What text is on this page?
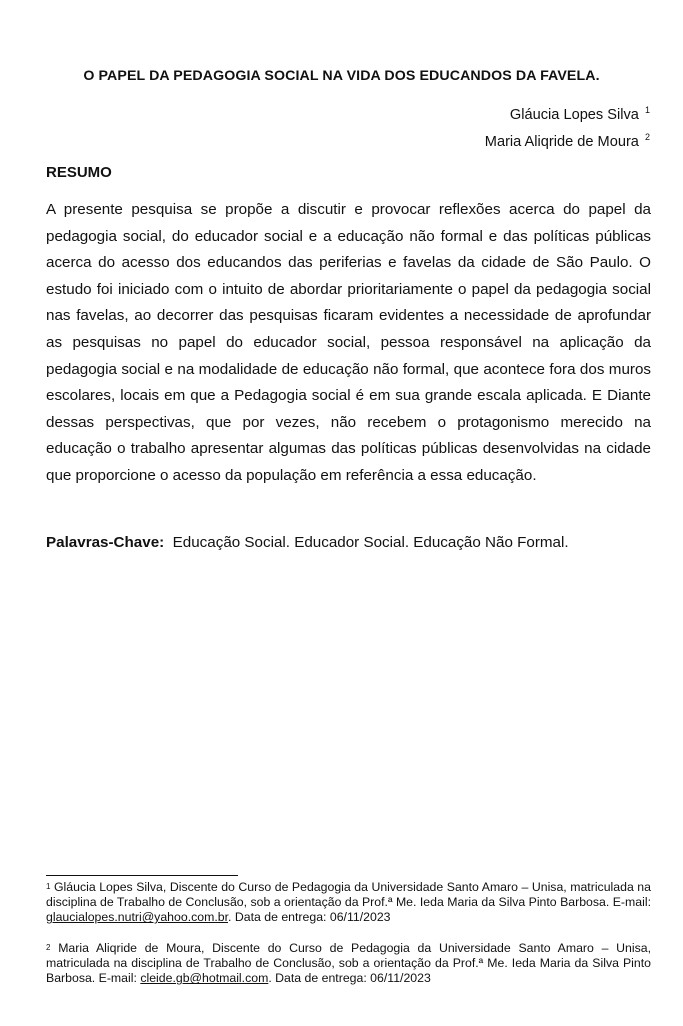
O PAPEL DA PEDAGOGIA SOCIAL NA VIDA DOS EDUCANDOS DA FAVELA.
Gláucia Lopes Silva $^1$
Maria Aliqride de Moura $^2$
RESUMO

A presente pesquisa se propõe a discutir e provocar reflexões acerca do papel da pedagogia social, do educador social e a educação não formal e das políticas públicas acerca do acesso dos educandos das periferias e favelas da cidade de São Paulo. O estudo foi iniciado com o intuito de abordar prioritariamente o papel da pedagogia social nas favelas, ao decorrer das pesquisas ficaram evidentes a necessidade de aprofundar as pesquisas no papel do educador social, pessoa responsável na aplicação da pedagogia social e na modalidade de educação não formal, que acontece fora dos muros escolares, locais em que a Pedagogia social é em sua grande escala aplicada. E Diante dessas perspectivas, que por vezes, não recebem o protagonismo merecido na educação o trabalho apresentar algumas das políticas públicas desenvolvidas na cidade que proporcione o acesso da população em referência a essa educação.

Palavras-Chave: Educação Social. Educador Social. Educação Não Formal.

$^1$ Gláucia Lopes Silva, Discente do Curso de Pedagogia da Universidade Santo Amaro – Unisa, matriculada na disciplina de Trabalho de Conclusão, sob a orientação da Prof.ª Me. Ieda Maria da Silva Pinto Barbosa. E-mail: glaucialopes.nutri@yahoo.com.br. Data de entrega: 06/11/2023

$^2$ Maria Aliqride de Moura, Discente do Curso de Pedagogia da Universidade Santo Amaro – Unisa, matriculada na disciplina de Trabalho de Conclusão, sob a orientação da Prof.ª Me. Ieda Maria da Silva Pinto Barbosa. E-mail: cleide.gb@hotmail.com. Data de entrega: 06/11/2023
